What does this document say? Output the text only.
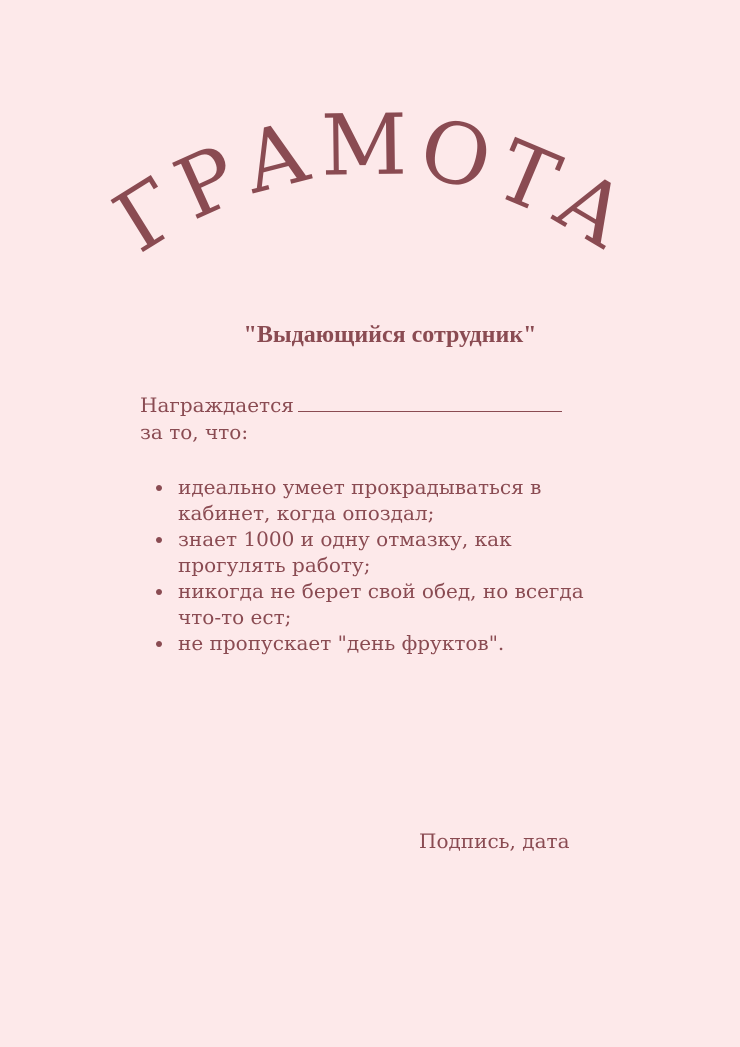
ГРАМОТА
"Выдающийся сотрудник"
Награждается
за то, что:
идеально умеет прокрадываться в кабинет, когда опоздал;
знает 1000 и одну отмазку, как прогулять работу;
никогда не берет свой обед, но всегда что-то ест;
не пропускает "день фруктов".
Подпись, дата
